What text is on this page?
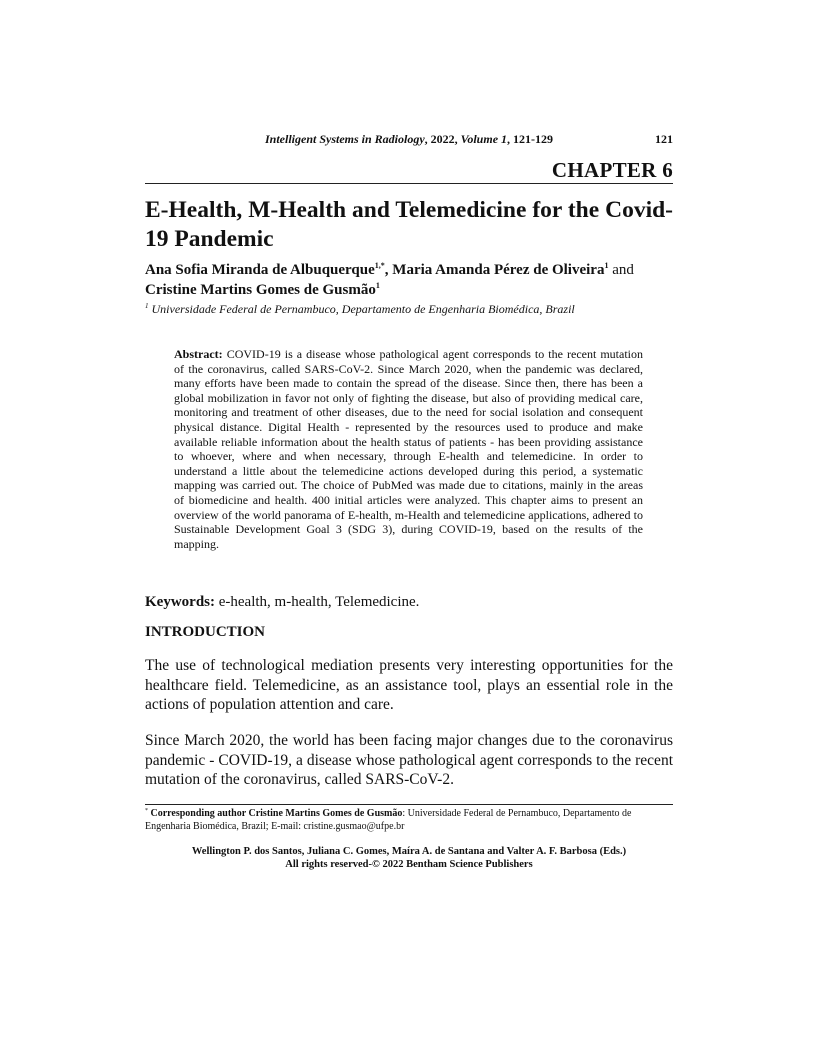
Intelligent Systems in Radiology, 2022, Volume 1, 121-129	121
CHAPTER 6
E-Health, M-Health and Telemedicine for the Covid-19 Pandemic
Ana Sofia Miranda de Albuquerque$^{1,*}$, Maria Amanda Pérez de Oliveira$^1$ and Cristine Martins Gomes de Gusmão$^1$
$^1$ Universidade Federal de Pernambuco, Departamento de Engenharia Biomédica, Brazil
Abstract: COVID-19 is a disease whose pathological agent corresponds to the recent mutation of the coronavirus, called SARS-CoV-2. Since March 2020, when the pandemic was declared, many efforts have been made to contain the spread of the disease. Since then, there has been a global mobilization in favor not only of fighting the disease, but also of providing medical care, monitoring and treatment of other diseases, due to the need for social isolation and consequent physical distance. Digital Health - represented by the resources used to produce and make available reliable information about the health status of patients - has been providing assistance to whoever, where and when necessary, through E-health and telemedicine. In order to understand a little about the telemedicine actions developed during this period, a systematic mapping was carried out. The choice of PubMed was made due to citations, mainly in the areas of biomedicine and health. 400 initial articles were analyzed. This chapter aims to present an overview of the world panorama of E-health, m-Health and telemedicine applications, adhered to Sustainable Development Goal 3 (SDG 3), during COVID-19, based on the results of the mapping.
Keywords: e-health, m-health, Telemedicine.
INTRODUCTION
The use of technological mediation presents very interesting opportunities for the healthcare field. Telemedicine, as an assistance tool, plays an essential role in the actions of population attention and care.
Since March 2020, the world has been facing major changes due to the coronavirus pandemic - COVID-19, a disease whose pathological agent corresponds to the recent mutation of the coronavirus, called SARS-CoV-2.
* Corresponding author Cristine Martins Gomes de Gusmão: Universidade Federal de Pernambuco, Departamento de Engenharia Biomédica, Brazil; E-mail: cristine.gusmao@ufpe.br
Wellington P. dos Santos, Juliana C. Gomes, Maíra A. de Santana and Valter A. F. Barbosa (Eds.)
All rights reserved-© 2022 Bentham Science Publishers
